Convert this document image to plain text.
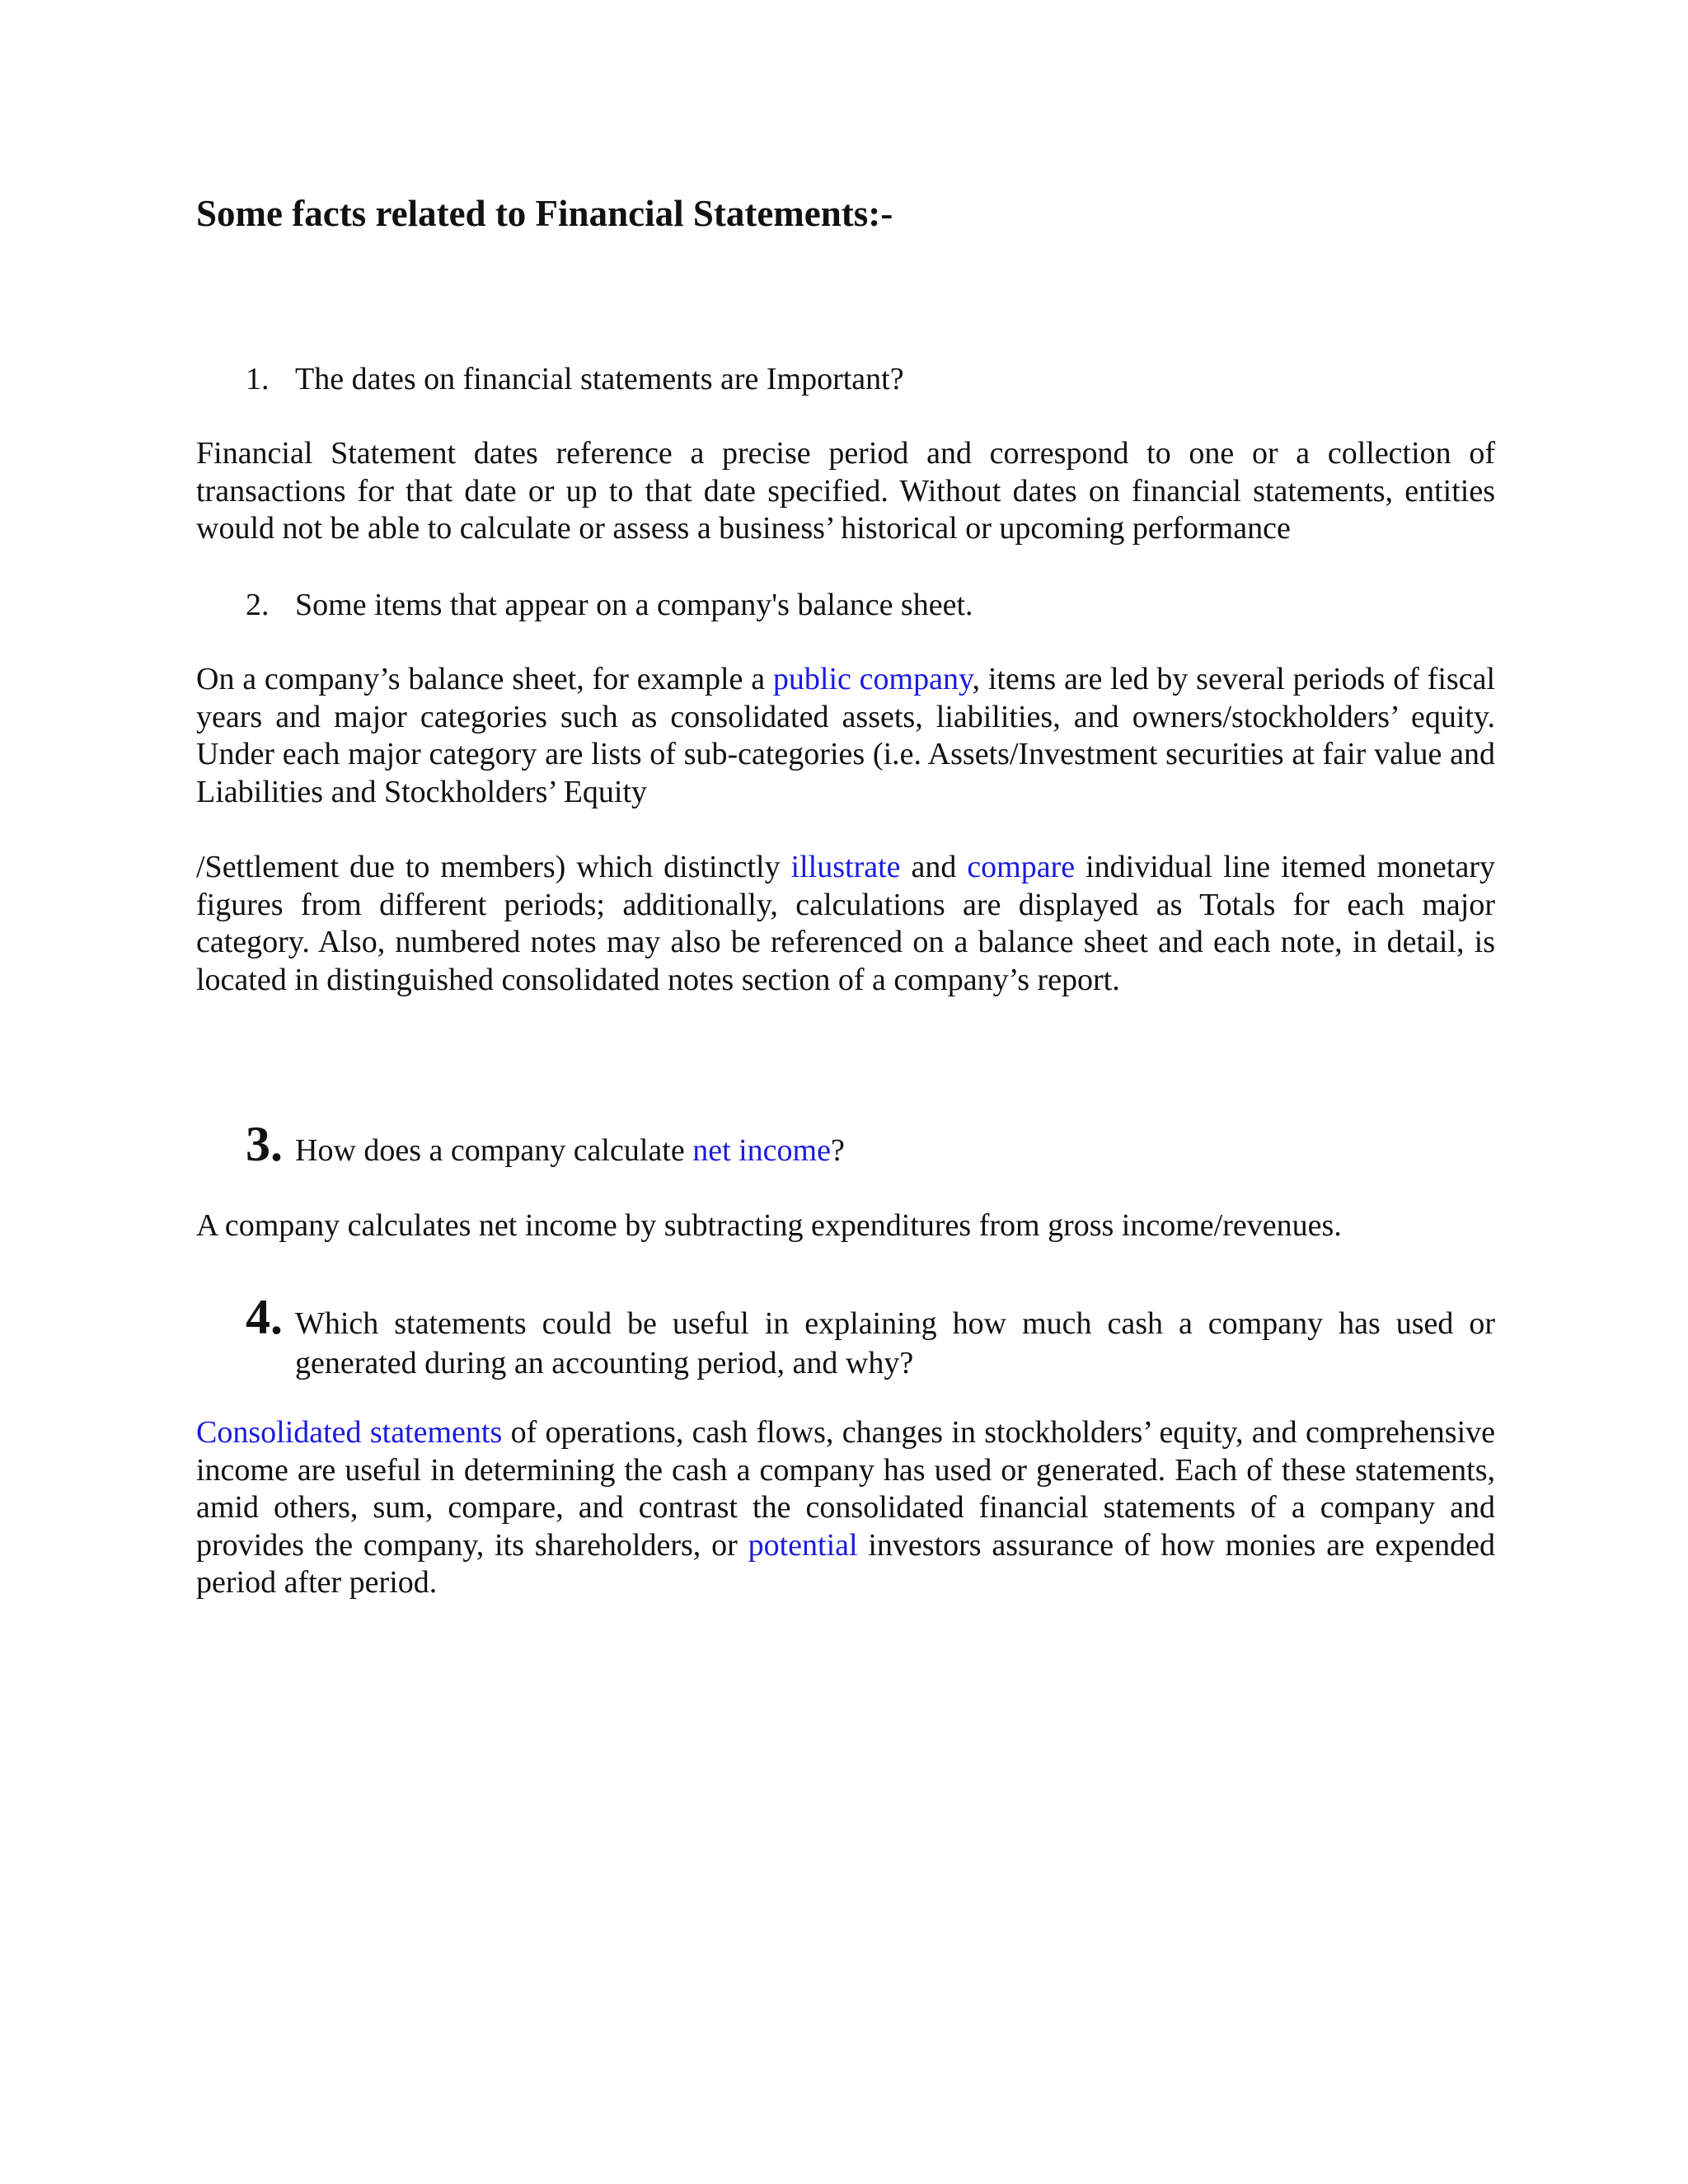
Some facts related to Financial Statements:-
1. The dates on financial statements are Important?

Financial Statement dates reference a precise period and correspond to one or a collection of transactions for that date or up to that date specified. Without dates on financial statements, entities would not be able to calculate or assess a business’ historical or upcoming performance

2. Some items that appear on a company's balance sheet.

On a company’s balance sheet, for example a public company, items are led by several periods of fiscal years and major categories such as consolidated assets, liabilities, and owners/stockholders’ equity. Under each major category are lists of sub-categories (i.e. Assets/Investment securities at fair value and Liabilities and Stockholders’ Equity

/Settlement due to members) which distinctly illustrate and compare individual line itemed monetary figures from different periods; additionally, calculations are displayed as Totals for each major category. Also, numbered notes may also be referenced on a balance sheet and each note, in detail, is located in distinguished consolidated notes section of a company’s report.

3. How does a company calculate net income?

A company calculates net income by subtracting expenditures from gross income/revenues.

4. Which statements could be useful in explaining how much cash a company has used or generated during an accounting period, and why?

Consolidated statements of operations, cash flows, changes in stockholders’ equity, and comprehensive income are useful in determining the cash a company has used or generated. Each of these statements, amid others, sum, compare, and contrast the consolidated financial statements of a company and provides the company, its shareholders, or potential investors assurance of how monies are expended period after period.
